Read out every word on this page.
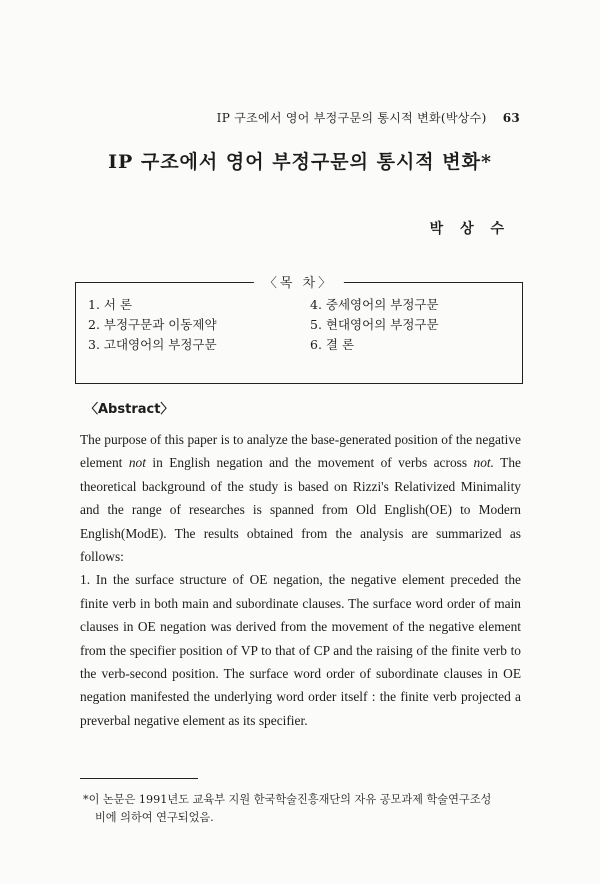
IP 구조에서 영어 부정구문의 통시적 변화(박상수) 63
IP 구조에서 영어 부정구문의 통시적 변화*
박 상 수
〈목 차〉
1. 서 론
2. 부정구문과 이동제약
3. 고대영어의 부정구문
4. 중세영어의 부정구문
5. 현대영어의 부정구문
6. 결 론
〈Abstract〉

The purpose of this paper is to analyze the base-generated position of the negative element not in English negation and the movement of verbs across not. The theoretical background of the study is based on Rizzi's Relativized Minimality and the range of researches is spanned from Old English(OE) to Modern English(ModE). The results obtained from the analysis are summarized as follows:

1. In the surface structure of OE negation, the negative element preceded the finite verb in both main and subordinate clauses. The surface word order of main clauses in OE negation was derived from the movement of the negative element from the specifier position of VP to that of CP and the raising of the finite verb to the verb-second position. The surface word order of subordinate clauses in OE negation manifested the underlying word order itself : the finite verb projected a preverbal negative element as its specifier.

*이 논문은 1991년도 교육부 지원 한국학술진흥재단의 자유 공모과제 학술연구조성
비에 의하여 연구되었음.
